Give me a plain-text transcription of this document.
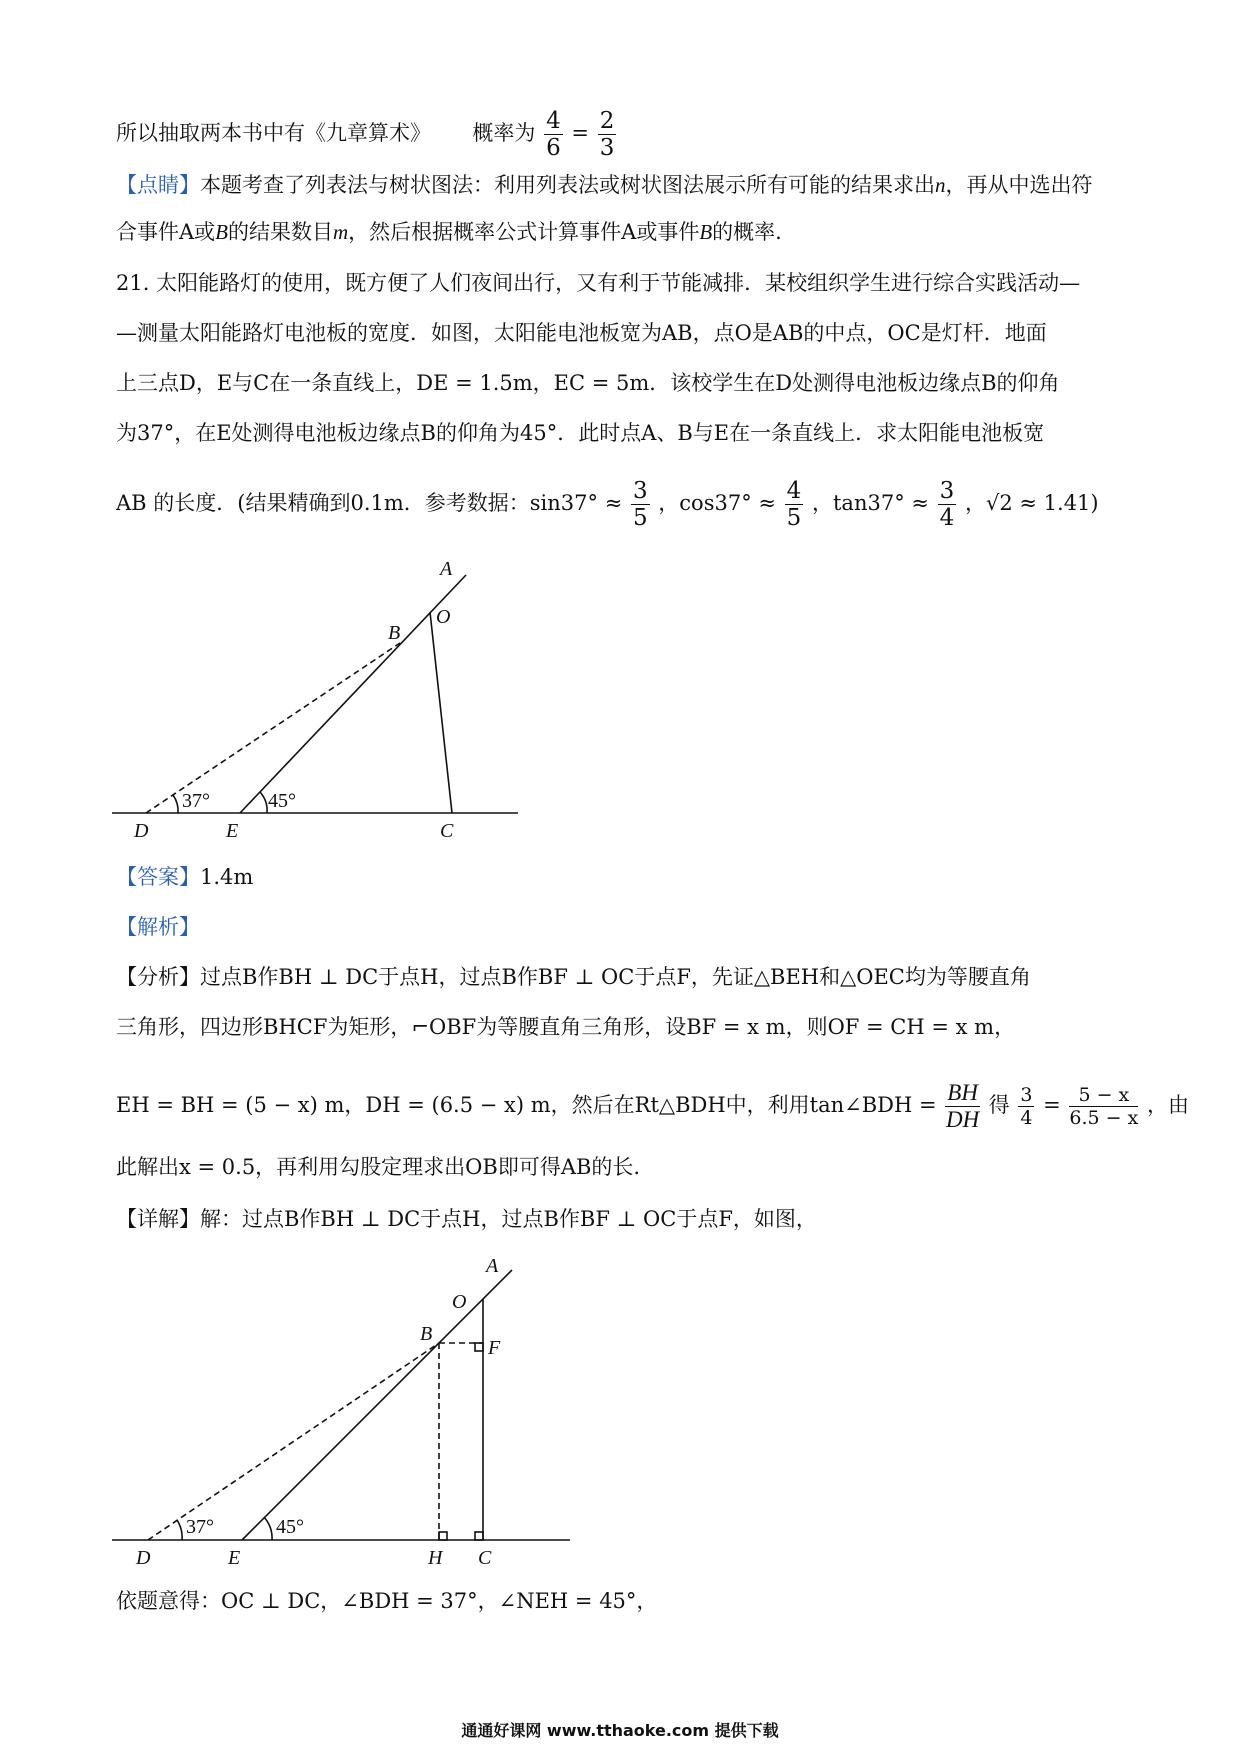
所以抽取两本书中有《九章算术》 概率为 $\frac{4}{6} = \frac{2}{3}$
【点睛】本题考查了列表法与树状图法：利用列表法或树状图法展示所有可能的结果求出n，再从中选出符
合事件A或B的结果数目m，然后根据概率公式计算事件A或事件B的概率.
21. 太阳能路灯的使用，既方便了人们夜间出行，又有利于节能减排．某校组织学生进行综合实践活动—
—测量太阳能路灯电池板的宽度．如图，太阳能电池板宽为AB，点O是AB的中点，OC是灯杆．地面
上三点D，E与C在一条直线上，DE = 1.5m，EC = 5m．该校学生在D处测得电池板边缘点B的仰角
为37°，在E处测得电池板边缘点B的仰角为45°．此时点A、B与E在一条直线上．求太阳能电池板宽
AB 的长度．(结果精确到0.1m．参考数据：$\sin 37^\circ \approx \frac{3}{5}$ ，$\cos 37^\circ \approx \frac{4}{5}$ ，$\tan 37^\circ \approx \frac{3}{4}$ ，√2 ≈ 1.41)
A
O
B
D	E	C
37°	45°
【答案】1.4m
【解析】
【分析】过点B作BH ⊥ DC于点H，过点B作BF ⊥ OC于点F，先证△BEH和△OEC均为等腰直角
三角形，四边形BHCF为矩形，⌐OBF为等腰直角三角形，设BF = x m，则OF = CH = x m，
EH = BH = (5 − x) m，DH = (6.5 − x) m，然后在Rt△BDH中，利用tan∠BDH = $\frac{BH}{DH}$ 得 $\frac{3}{4} = \frac{5 - x}{6.5 - x}$ ，由
此解出x = 0.5，再利用勾股定理求出OB即可得AB的长.
【详解】解：过点B作BH ⊥ DC于点H，过点B作BF ⊥ OC于点F，如图，
A
O
B
F
D	E	H C
37°	45°
依题意得：OC ⊥ DC，∠BDH = 37°，∠NEH = 45°，
通通好课网 www.tthaoke.com 提供下载
